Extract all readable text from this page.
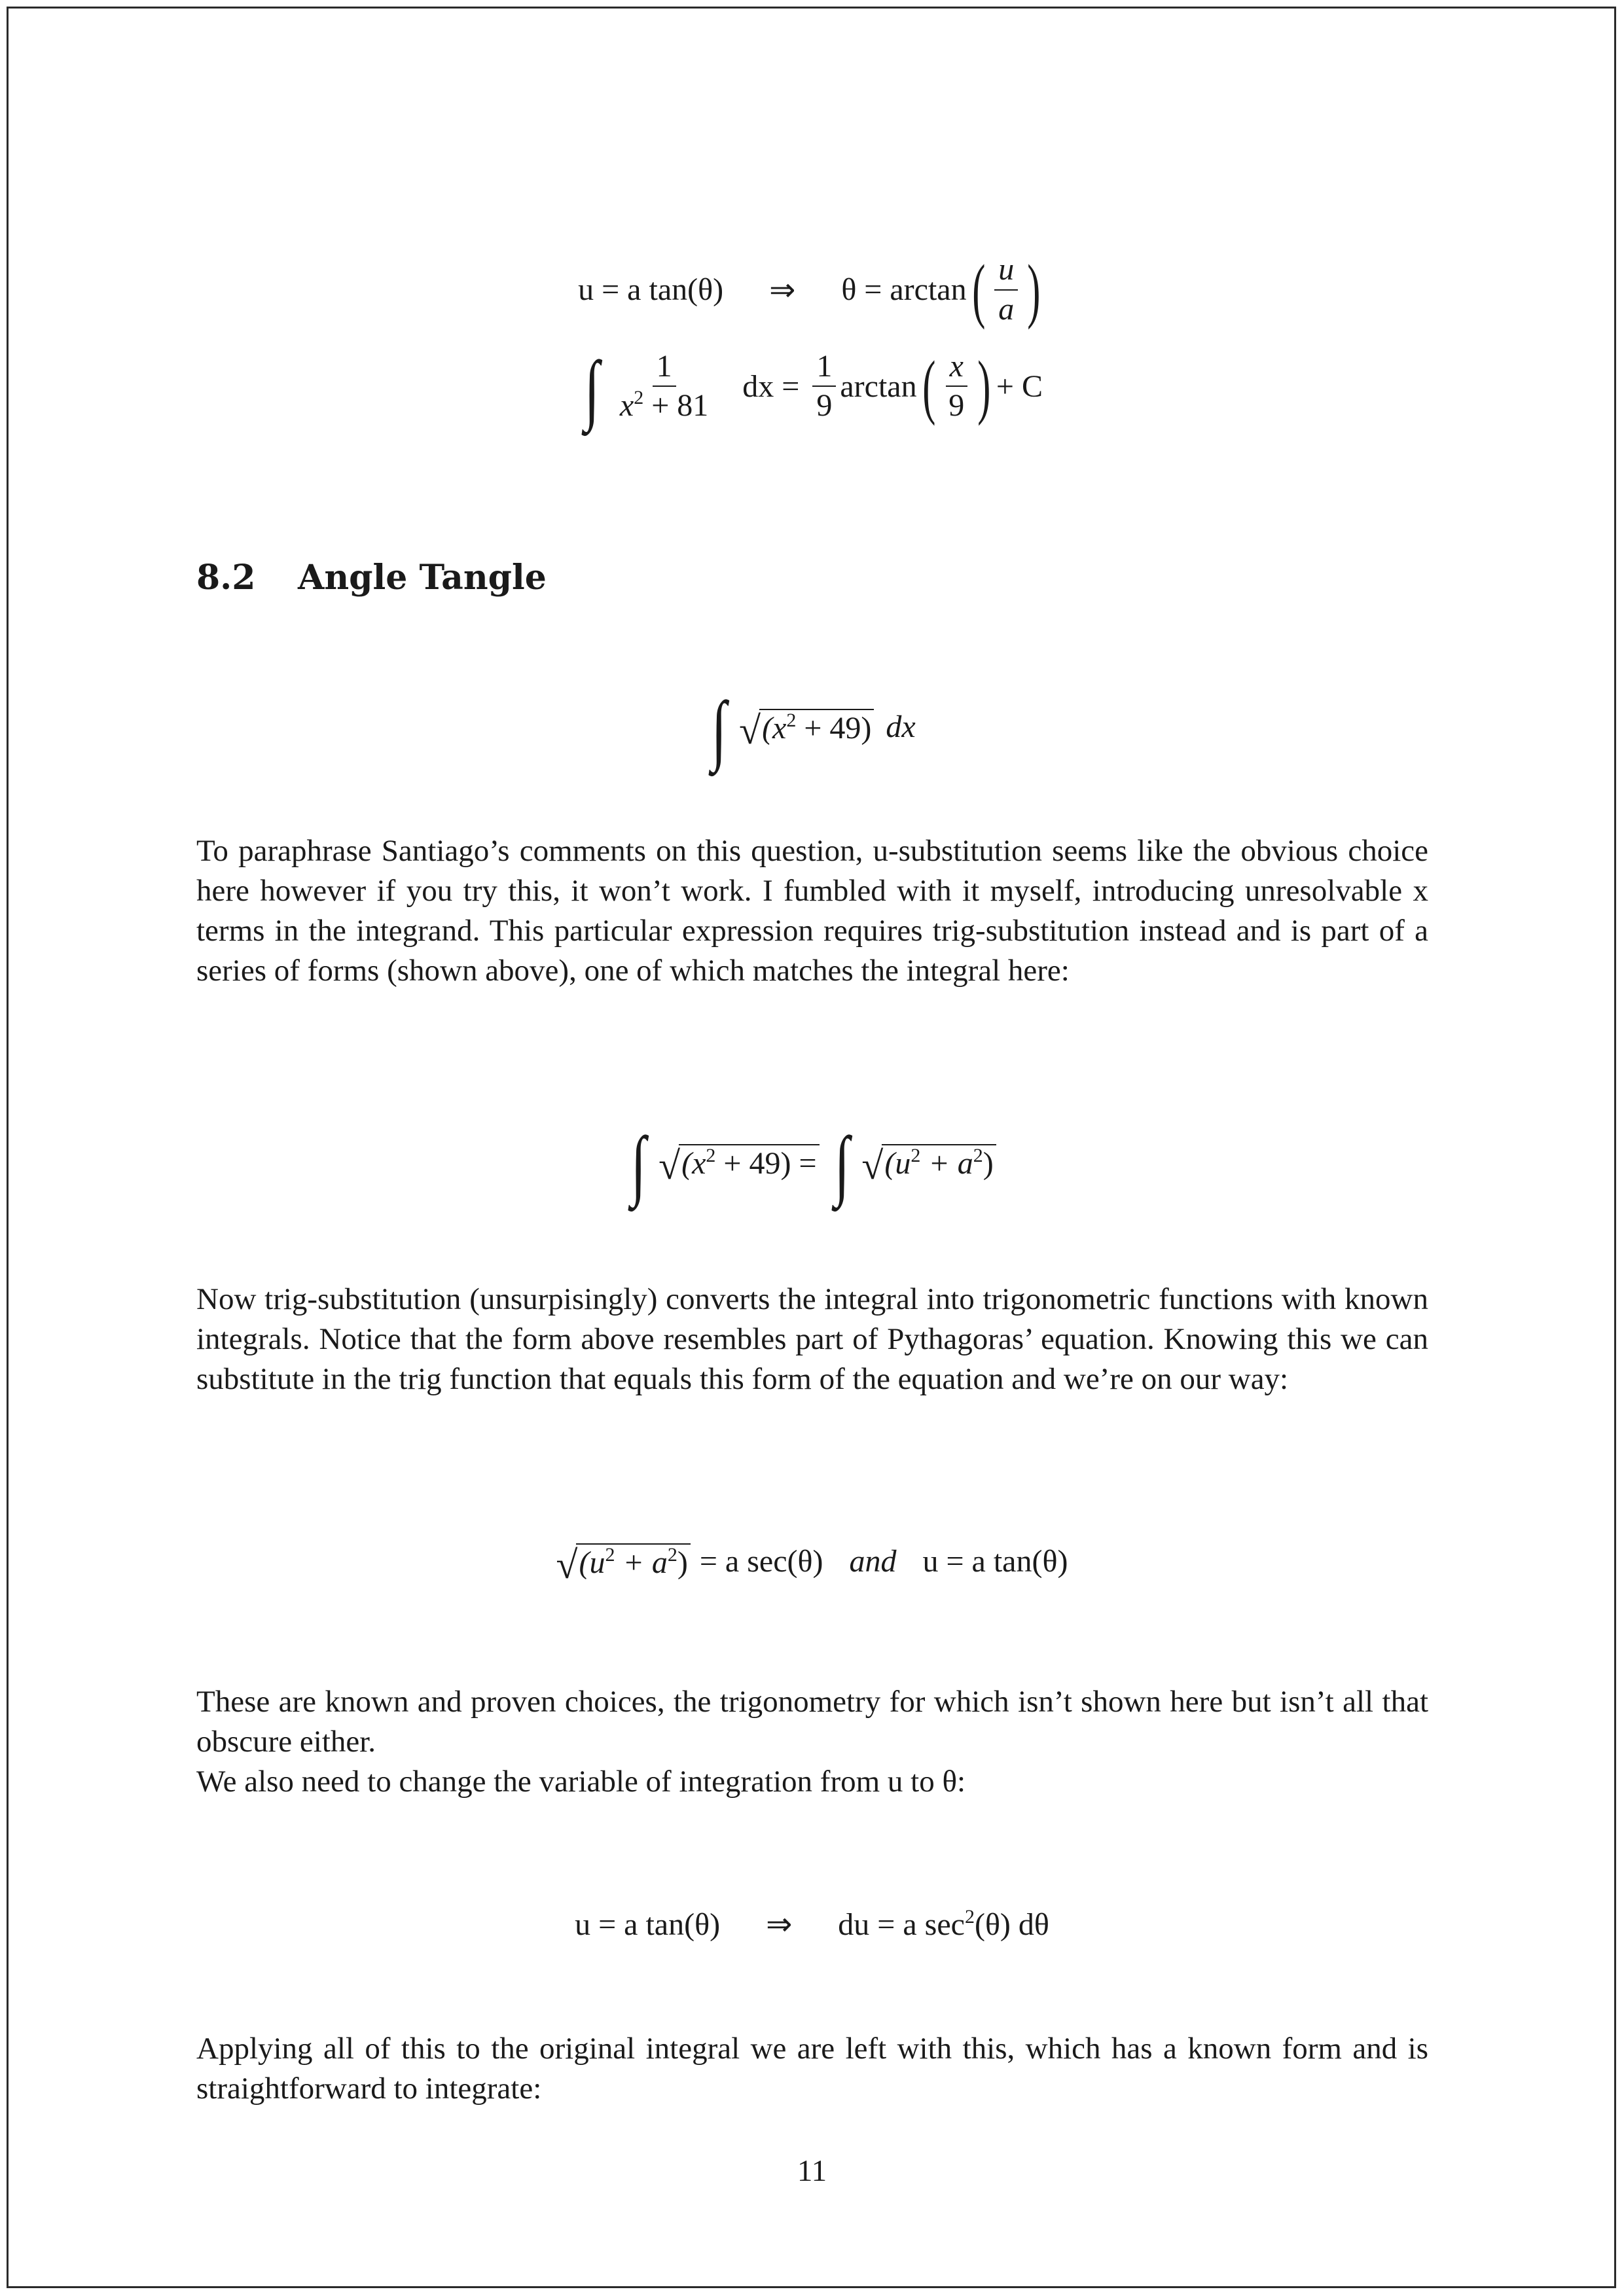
u = a tan(θ) ⇒ θ = arctan ( $\frac{u}{a}$ )
∫ $\frac{1}{x^2 + 81}$ dx = $\frac{1}{9}$ arctan ( $\frac{x}{9}$ ) + C
8.2 Angle Tangle
∫ √ $(x^2 + 49)$ dx

To paraphrase Santiago’s comments on this question, u-substitution seems like the obvious choice here however if you try this, it won’t work. I fumbled with it myself, introducing unresolvable x terms in the integrand. This particular expression requires trig-substitution instead and is part of a series of forms (shown above), one of which matches the integral here:

∫ √ $(x^2 + 49)$ = ∫ √ $(u^2 + a^2)$

Now trig-substitution (unsurpisingly) converts the integral into trigonometric functions with known integrals. Notice that the form above resembles part of Pythagoras’ equation. Knowing this we can substitute in the trig function that equals this form of the equation and we’re on our way:

√ $(u^2 + a^2) = a$ sec(θ) and u = a tan(θ)

These are known and proven choices, the trigonometry for which isn’t shown here but isn’t all that obscure either.

We also need to change the variable of integration from u to θ:

u = a tan(θ) ⇒ du = a $\sec^2(\theta)$ dθ

Applying all of this to the original integral we are left with this, which has a known form and is straightforward to integrate:

11
